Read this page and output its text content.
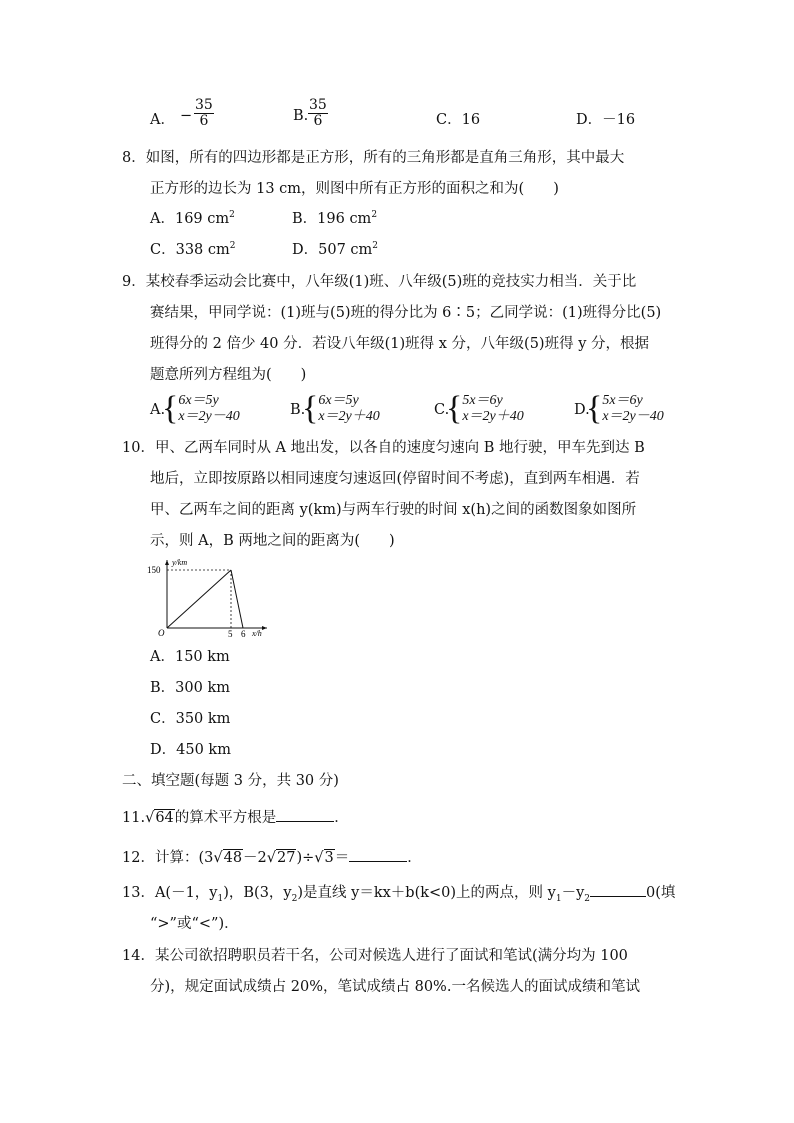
A． − $\frac{35}{6}$	B. $\frac{35}{6}$	C．16	D．－16
8．如图，所有的四边形都是正方形，所有的三角形都是直角三角形，其中最大
正方形的边长为 13 cm，则图中所有正方形的面积之和为(　　)
A．169 $cm^2$	B．196 $cm^2$
C．338 $cm^2$	D．507 $cm^2$
9．某校春季运动会比赛中，八年级(1)班、八年级(5)班的竞技实力相当．关于比
赛结果，甲同学说：(1)班与(5)班的得分比为 6∶5；乙同学说：(1)班得分比(5)
班得分的 2 倍少 40 分．若设八年级(1)班得 x 分，八年级(5)班得 y 分，根据
题意所列方程组为(　　)
A.
{6x＝5y
x＝2y－40	B.
{6x＝5y
x＝2y＋40	C.
{5x＝6y
x＝2y＋40	D.
{5x＝6y
x＝2y－40
10．甲、乙两车同时从 A 地出发，以各自的速度匀速向 B 地行驶，甲车先到达 B
地后，立即按原路以相同速度匀速返回(停留时间不考虑)，直到两车相遇．若
甲、乙两车之间的距离 y(km)与两车行驶的时间 x(h)之间的函数图象如图所
示，则 A，B 两地之间的距离为(　　)
y/km
150
O	5 6 x/h
A．150 km
B．300 km
C．350 km
D．450 km
二、填空题(每题 3 分，共 30 分)
11.√64的算术平方根是	．
12．计算：(3√48－2√27)÷√3＝	．
13．A(－1，$y_1$)，B(3，$y_2$)是直线 y＝kx＋b(k<0)上的两点，则 $y_1-y_2$	0(填
“>”或“<”)．
14．某公司欲招聘职员若干名，公司对候选人进行了面试和笔试(满分均为 100
分)，规定面试成绩占 20%，笔试成绩占 80%.一名候选人的面试成绩和笔试
